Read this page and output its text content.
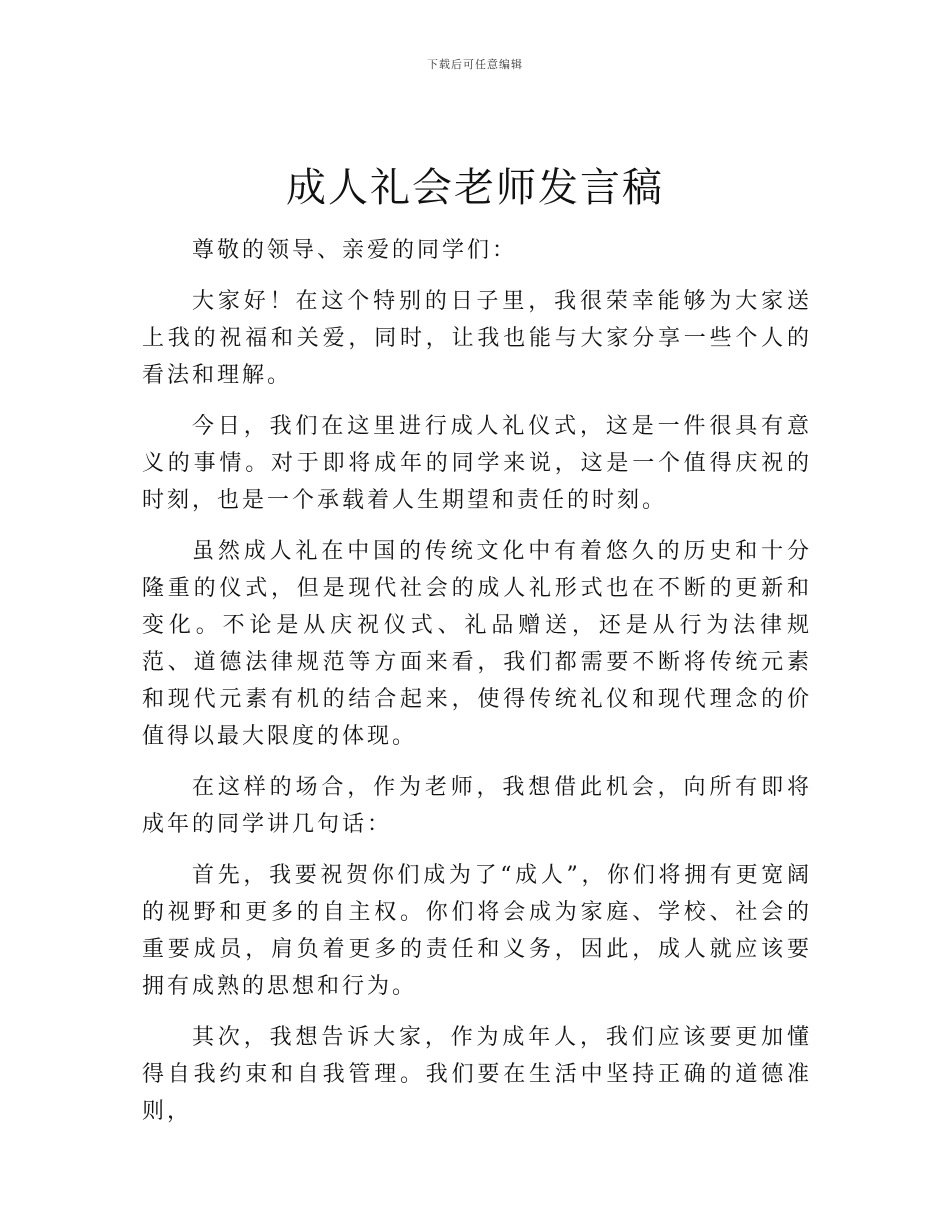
下载后可任意编辑
成人礼会老师发言稿

尊敬的领导、亲爱的同学们：

大家好！在这个特别的日子里，我很荣幸能够为大家送上我的祝福和关爱，同时，让我也能与大家分享一些个人的看法和理解。

今日，我们在这里进行成人礼仪式，这是一件很具有意义的事情。对于即将成年的同学来说，这是一个值得庆祝的时刻，也是一个承载着人生期望和责任的时刻。

虽然成人礼在中国的传统文化中有着悠久的历史和十分隆重的仪式，但是现代社会的成人礼形式也在不断的更新和变化。不论是从庆祝仪式、礼品赠送，还是从行为法律规范、道德法律规范等方面来看，我们都需要不断将传统元素和现代元素有机的结合起来，使得传统礼仪和现代理念的价值得以最大限度的体现。

在这样的场合，作为老师，我想借此机会，向所有即将成年的同学讲几句话：

首先，我要祝贺你们成为了“成人”，你们将拥有更宽阔的视野和更多的自主权。你们将会成为家庭、学校、社会的重要成员，肩负着更多的责任和义务，因此，成人就应该要拥有成熟的思想和行为。

其次，我想告诉大家，作为成年人，我们应该要更加懂得自我约束和自我管理。我们要在生活中坚持正确的道德准则，
